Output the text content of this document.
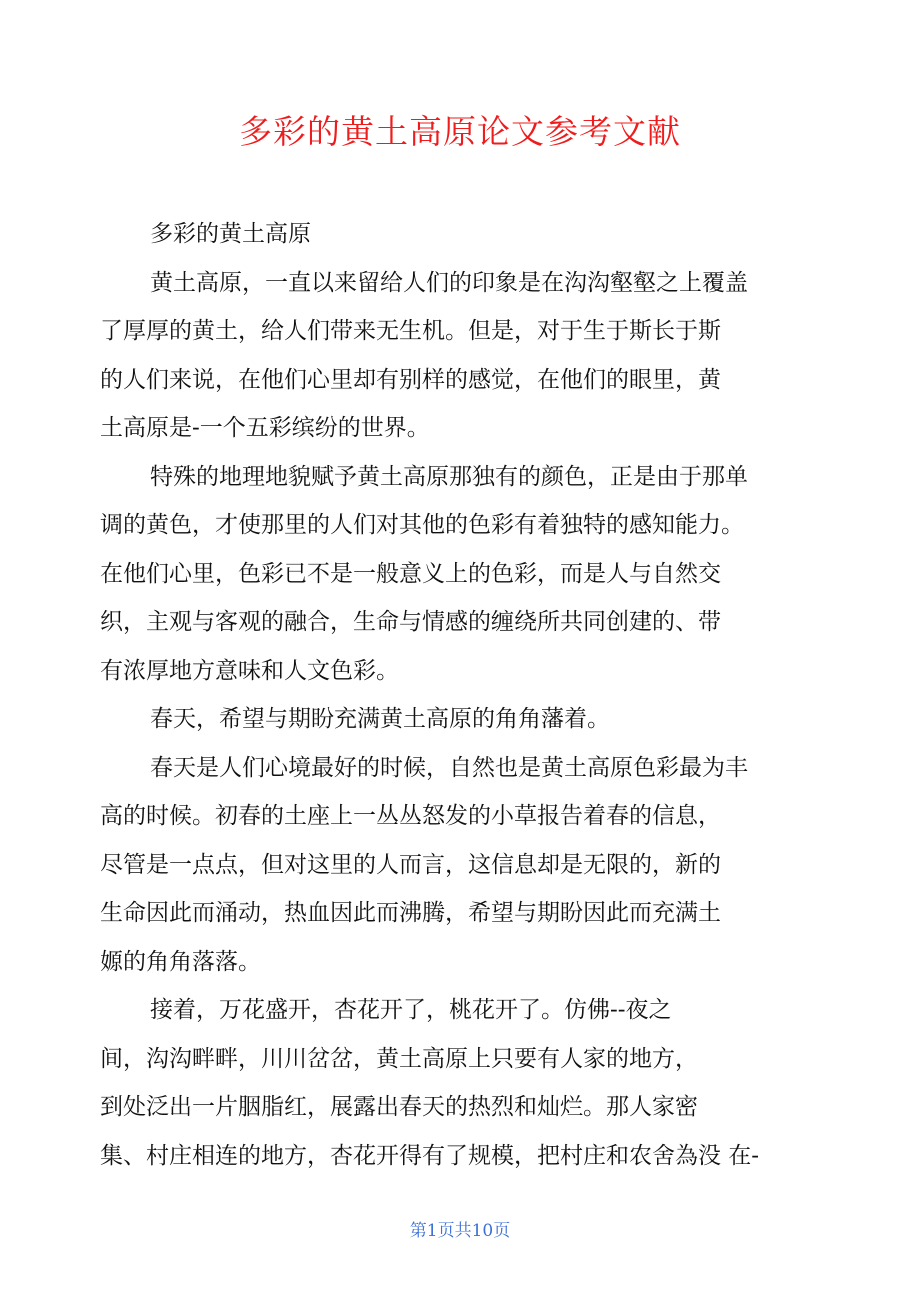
多彩的黄土高原论文参考文献
多彩的黄土高原
黄土高原，一直以来留给人们的印象是在沟沟壑壑之上覆盖
了厚厚的黄土，给人们带来无生机。但是，对于生于斯长于斯
的人们来说，在他们心里却有别样的感觉，在他们的眼里，黄
土高原是-一个五彩缤纷的世界。
特殊的地理地貌赋予黄土高原那独有的颜色，正是由于那单
调的黄色，才使那里的人们对其他的色彩有着独特的感知能力。
在他们心里，色彩已不是一般意义上的色彩，而是人与自然交
织，主观与客观的融合，生命与情感的缠绕所共同创建的、带
有浓厚地方意味和人文色彩。
春天，希望与期盼充满黄土高原的角角藩着。
春天是人们心境最好的时候，自然也是黄土高原色彩最为丰
高的时候。初春的土座上一丛丛怒发的小草报告着春的信息，
尽管是一点点，但对这里的人而言，这信息却是无限的，新的
生命因此而涌动，热血因此而沸腾，希望与期盼因此而充满土
嫄的角角落落。
接着，万花盛开，杏花开了，桃花开了。仿佛--夜之
间，沟沟畔畔，川川岔岔，黄土高原上只要有人家的地方，
到处泛出一片胭脂红，展露出春天的热烈和灿烂。那人家密
集、村庄相连的地方，杏花开得有了规模，把村庄和农舍為没 在-
第1页共10页
